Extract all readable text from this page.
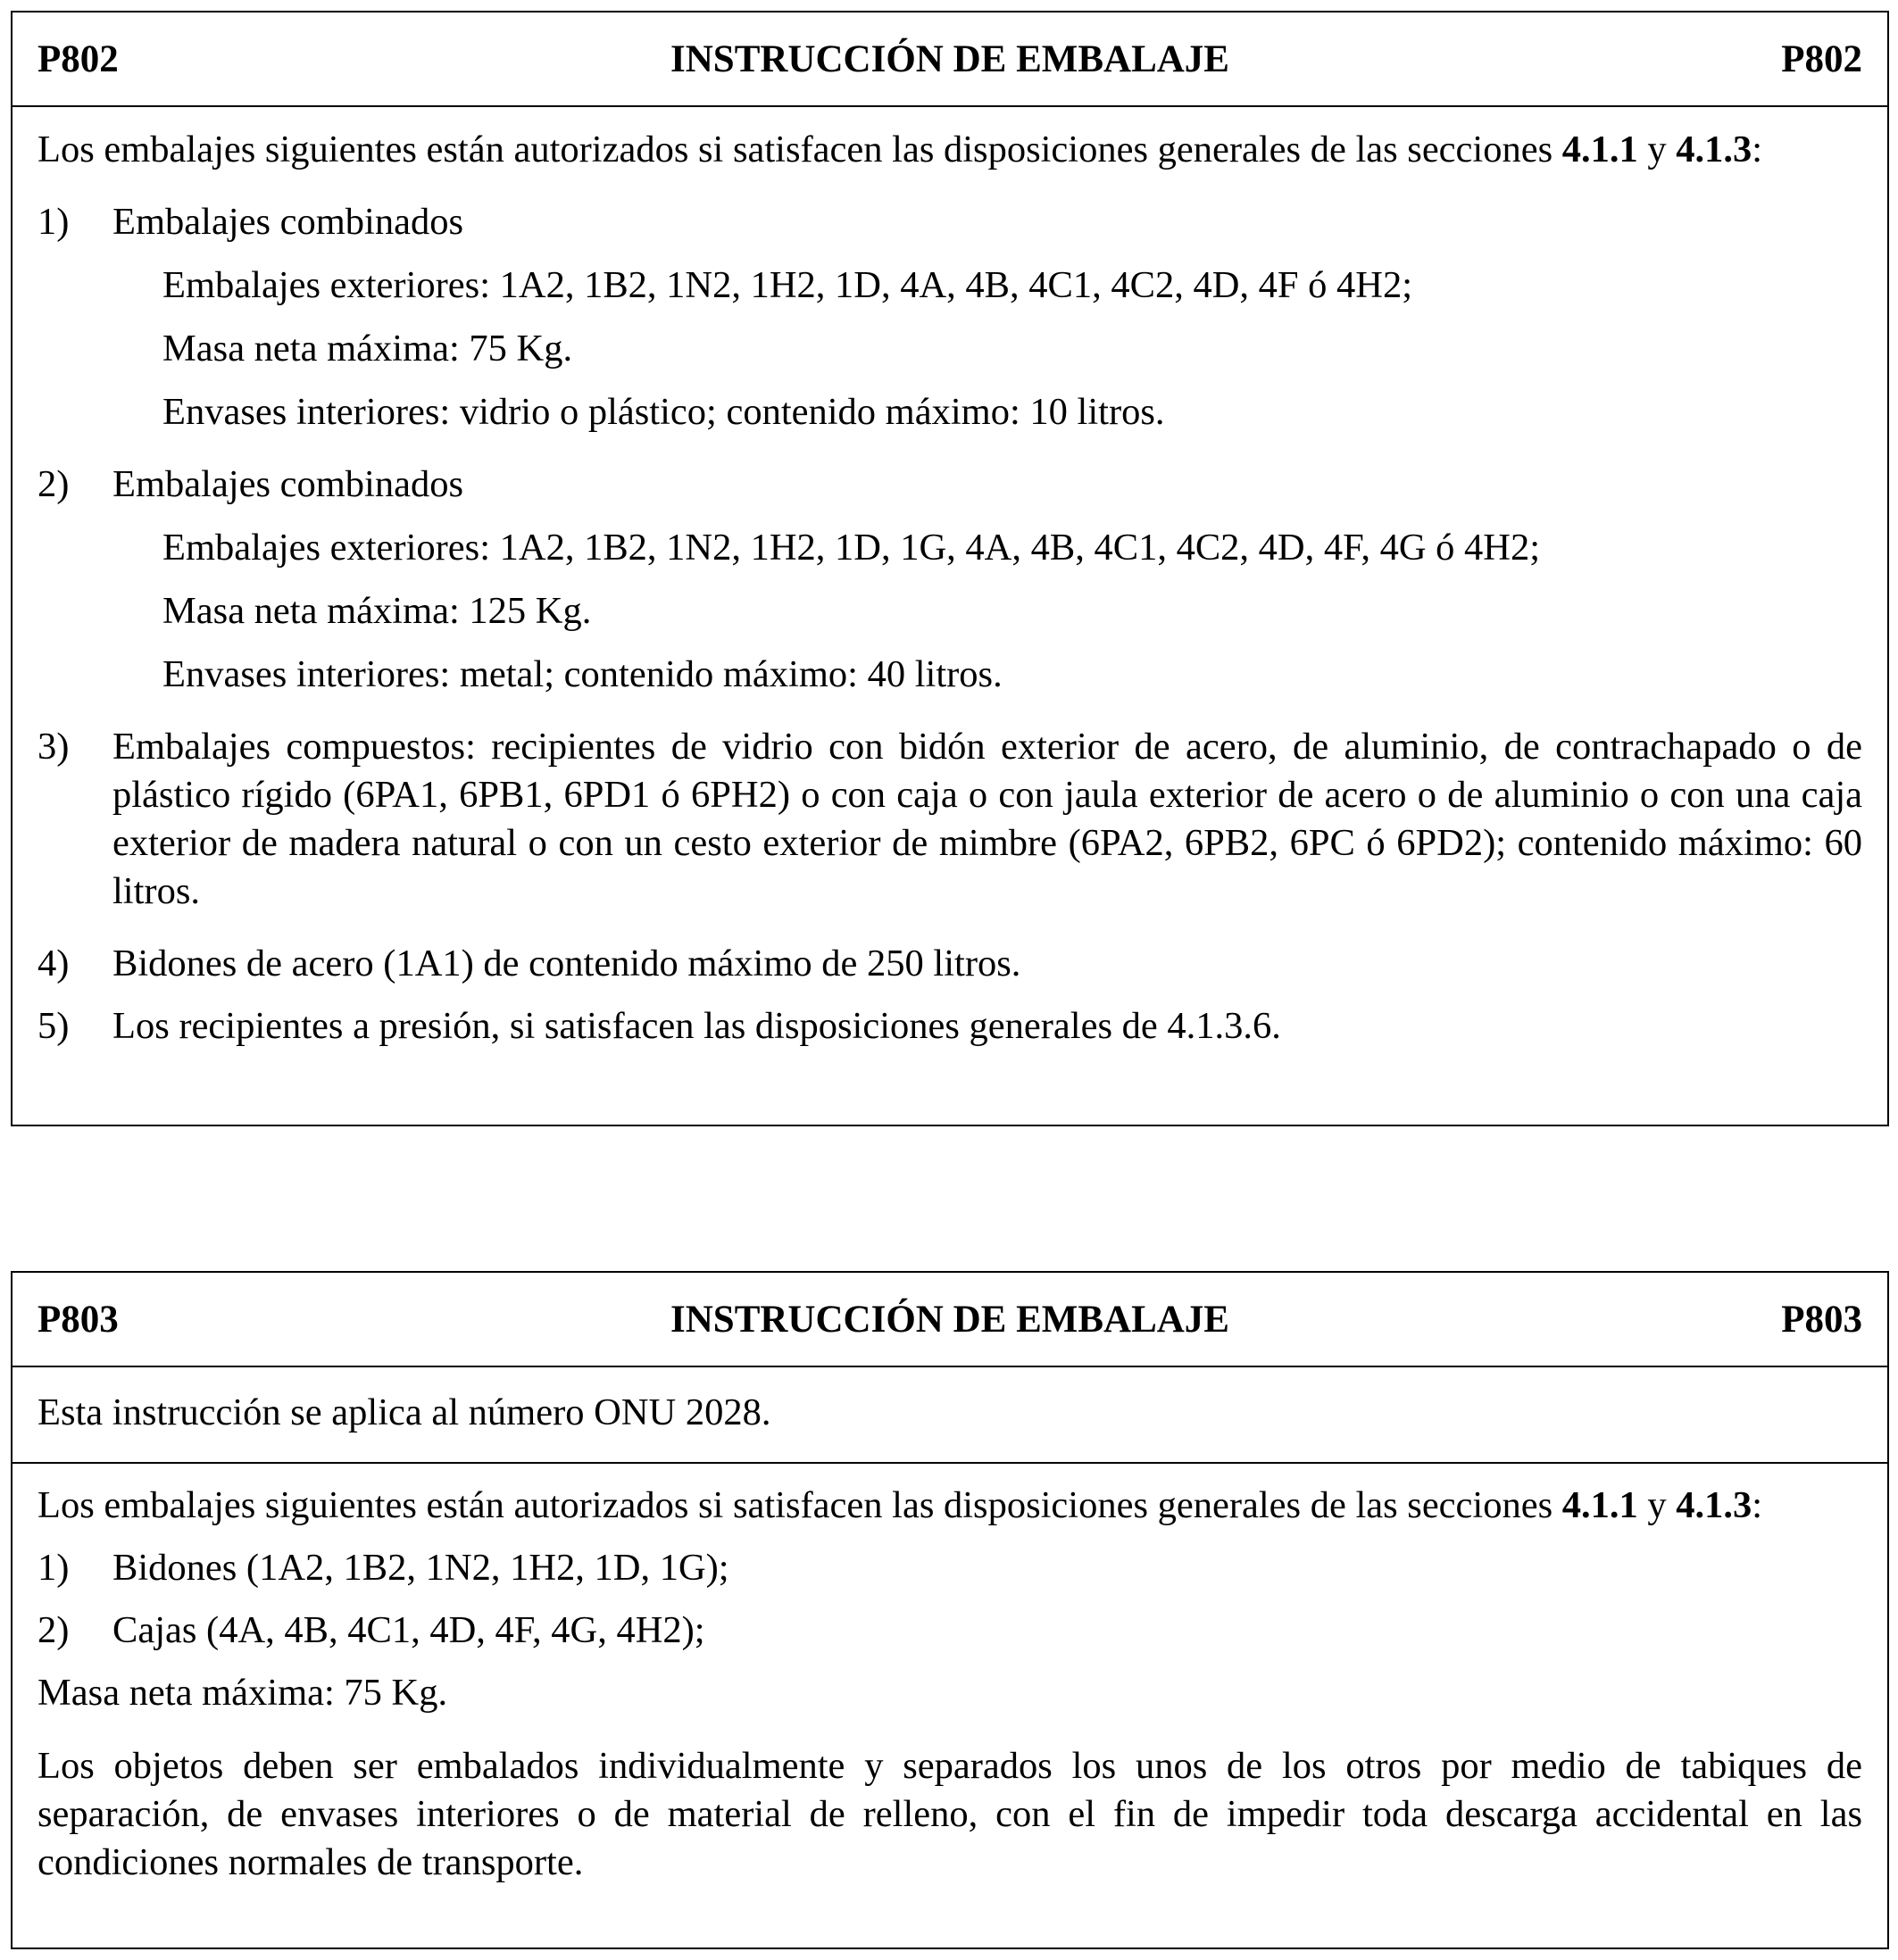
P802	INSTRUCCIÓN DE EMBALAJE	P802

Los embalajes siguientes están autorizados si satisfacen las disposiciones generales de las secciones 4.1.1 y 4.1.3:

1)	Embalajes combinados

Embalajes exteriores: 1A2, 1B2, 1N2, 1H2, 1D, 4A, 4B, 4C1, 4C2, 4D, 4F ó 4H2;

Masa neta máxima: 75 Kg.

Envases interiores: vidrio o plástico; contenido máximo: 10 litros.

2)	Embalajes combinados

Embalajes exteriores: 1A2, 1B2, 1N2, 1H2, 1D, 1G, 4A, 4B, 4C1, 4C2, 4D, 4F, 4G ó 4H2;

Masa neta máxima: 125 Kg.

Envases interiores: metal; contenido máximo: 40 litros.

3)	Embalajes compuestos: recipientes de vidrio con bidón exterior de acero, de aluminio, de contrachapado o de plástico rígido (6PA1, 6PB1, 6PD1 ó 6PH2) o con caja o con jaula exterior de acero o de aluminio o con una caja exterior de madera natural o con un cesto exterior de mimbre (6PA2, 6PB2, 6PC ó 6PD2); contenido máximo: 60 litros.
4)	Bidones de acero (1A1) de contenido máximo de 250 litros.
5)	Los recipientes a presión, si satisfacen las disposiciones generales de 4.1.3.6.
P803	INSTRUCCIÓN DE EMBALAJE	P803

Esta instrucción se aplica al número ONU 2028.

Los embalajes siguientes están autorizados si satisfacen las disposiciones generales de las secciones 4.1.1 y 4.1.3:

1)	Bidones (1A2, 1B2, 1N2, 1H2, 1D, 1G);
2)	Cajas (4A, 4B, 4C1, 4D, 4F, 4G, 4H2);

Masa neta máxima: 75 Kg.

Los objetos deben ser embalados individualmente y separados los unos de los otros por medio de tabiques de separación, de envases interiores o de material de relleno, con el fin de impedir toda descarga accidental en las condiciones normales de transporte.
